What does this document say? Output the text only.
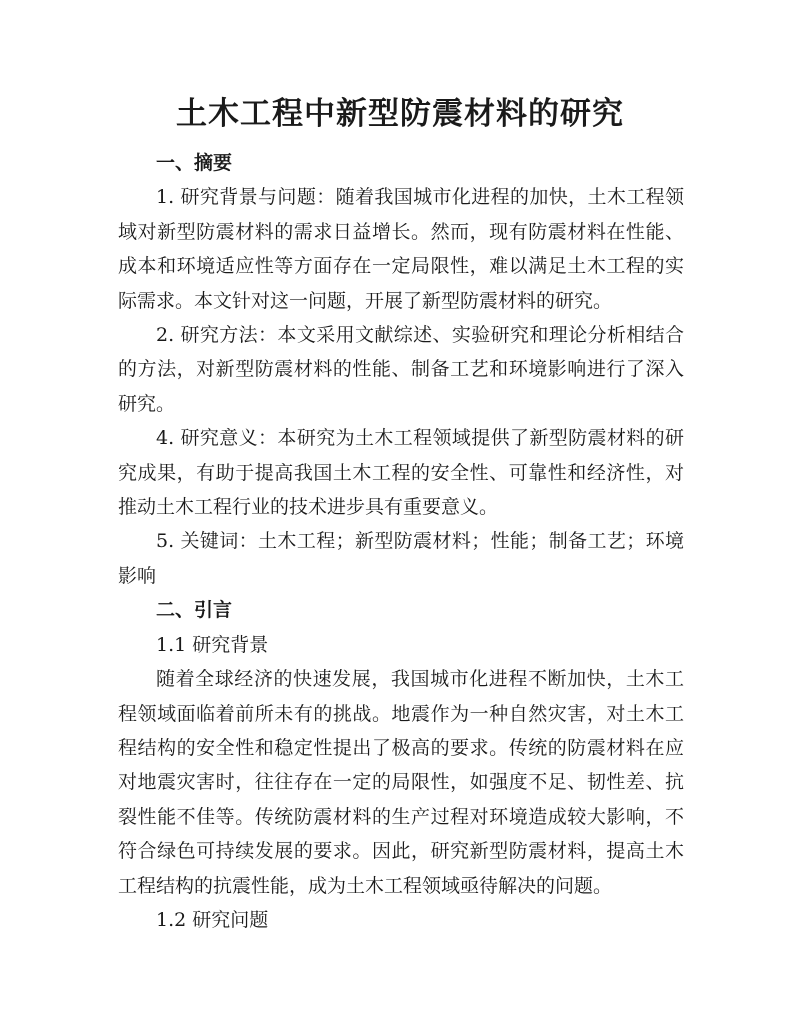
土木工程中新型防震材料的研究

一、摘要

1. 研究背景与问题：随着我国城市化进程的加快，土木工程领域对新型防震材料的需求日益增长。然而，现有防震材料在性能、成本和环境适应性等方面存在一定局限性，难以满足土木工程的实际需求。本文针对这一问题，开展了新型防震材料的研究。

2. 研究方法：本文采用文献综述、实验研究和理论分析相结合的方法，对新型防震材料的性能、制备工艺和环境影响进行了深入研究。

4. 研究意义：本研究为土木工程领域提供了新型防震材料的研究成果，有助于提高我国土木工程的安全性、可靠性和经济性，对推动土木工程行业的技术进步具有重要意义。

5. 关键词：土木工程；新型防震材料；性能；制备工艺；环境影响

二、引言

1.1 研究背景

随着全球经济的快速发展，我国城市化进程不断加快，土木工程领域面临着前所未有的挑战。地震作为一种自然灾害，对土木工程结构的安全性和稳定性提出了极高的要求。传统的防震材料在应对地震灾害时，往往存在一定的局限性，如强度不足、韧性差、抗裂性能不佳等。传统防震材料的生产过程对环境造成较大影响，不符合绿色可持续发展的要求。因此，研究新型防震材料，提高土木工程结构的抗震性能，成为土木工程领域亟待解决的问题。

1.2 研究问题
